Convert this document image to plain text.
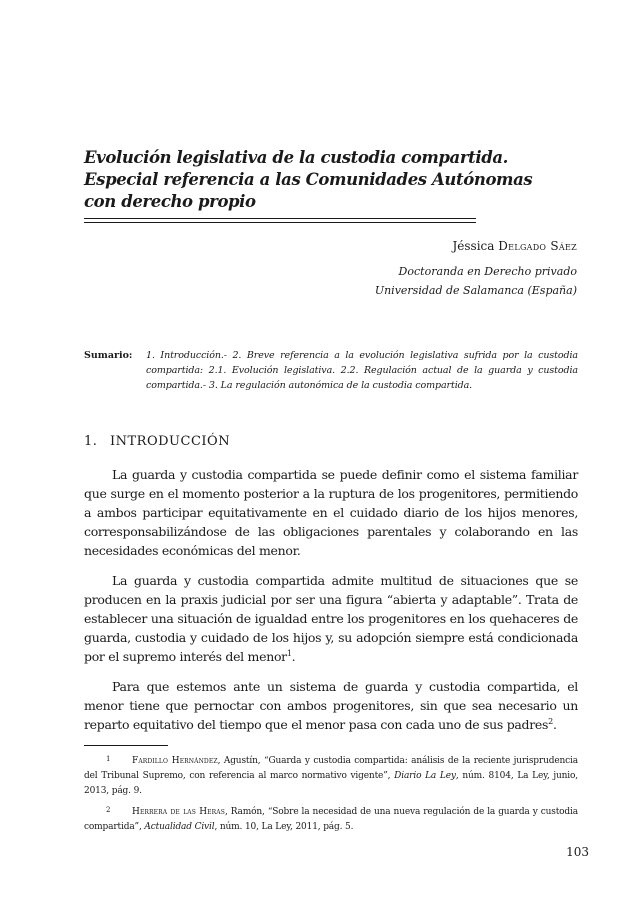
Evolución legislativa de la custodia compartida.
Especial referencia a las Comunidades Autónomas
con derecho propio
Jéssica Delgado Sáez
Doctoranda en Derecho privado
Universidad de Salamanca (España)
Sumario: 1. Introducción.- 2. Breve referencia a la evolución legislativa sufrida por la custodia compartida: 2.1. Evolución legislativa. 2.2. Regulación actual de la guarda y custodia compartida.- 3. La regulación autonómica de la custodia compartida.
1. INTRODUCCIÓN

La guarda y custodia compartida se puede definir como el sistema familiar que surge en el momento posterior a la ruptura de los progenitores, permitiendo a ambos participar equitativamente en el cuidado diario de los hijos menores, corresponsabilizándose de las obligaciones parentales y colaborando en las necesidades económicas del menor.

La guarda y custodia compartida admite multitud de situaciones que se producen en la praxis judicial por ser una figura “abierta y adaptable”. Trata de establecer una situación de igualdad entre los progenitores en los quehaceres de guarda, custodia y cuidado de los hijos y, su adopción siempre está condicionada por el supremo interés del menor$^1$.

Para que estemos ante un sistema de guarda y custodia compartida, el menor tiene que pernoctar con ambos progenitores, sin que sea necesario un reparto equitativo del tiempo que el menor pasa con cada uno de sus padres$^2$.

1 Fardillo Hernández, Agustín, “Guarda y custodia compartida: análisis de la reciente jurisprudencia del Tribunal Supremo, con referencia al marco normativo vigente”, Diario La Ley, núm. 8104, La Ley, junio, 2013, pág. 9.

2 Herrera de las Heras, Ramón, “Sobre la necesidad de una nueva regulación de la guarda y custodia compartida”, Actualidad Civil, núm. 10, La Ley, 2011, pág. 5.

103
